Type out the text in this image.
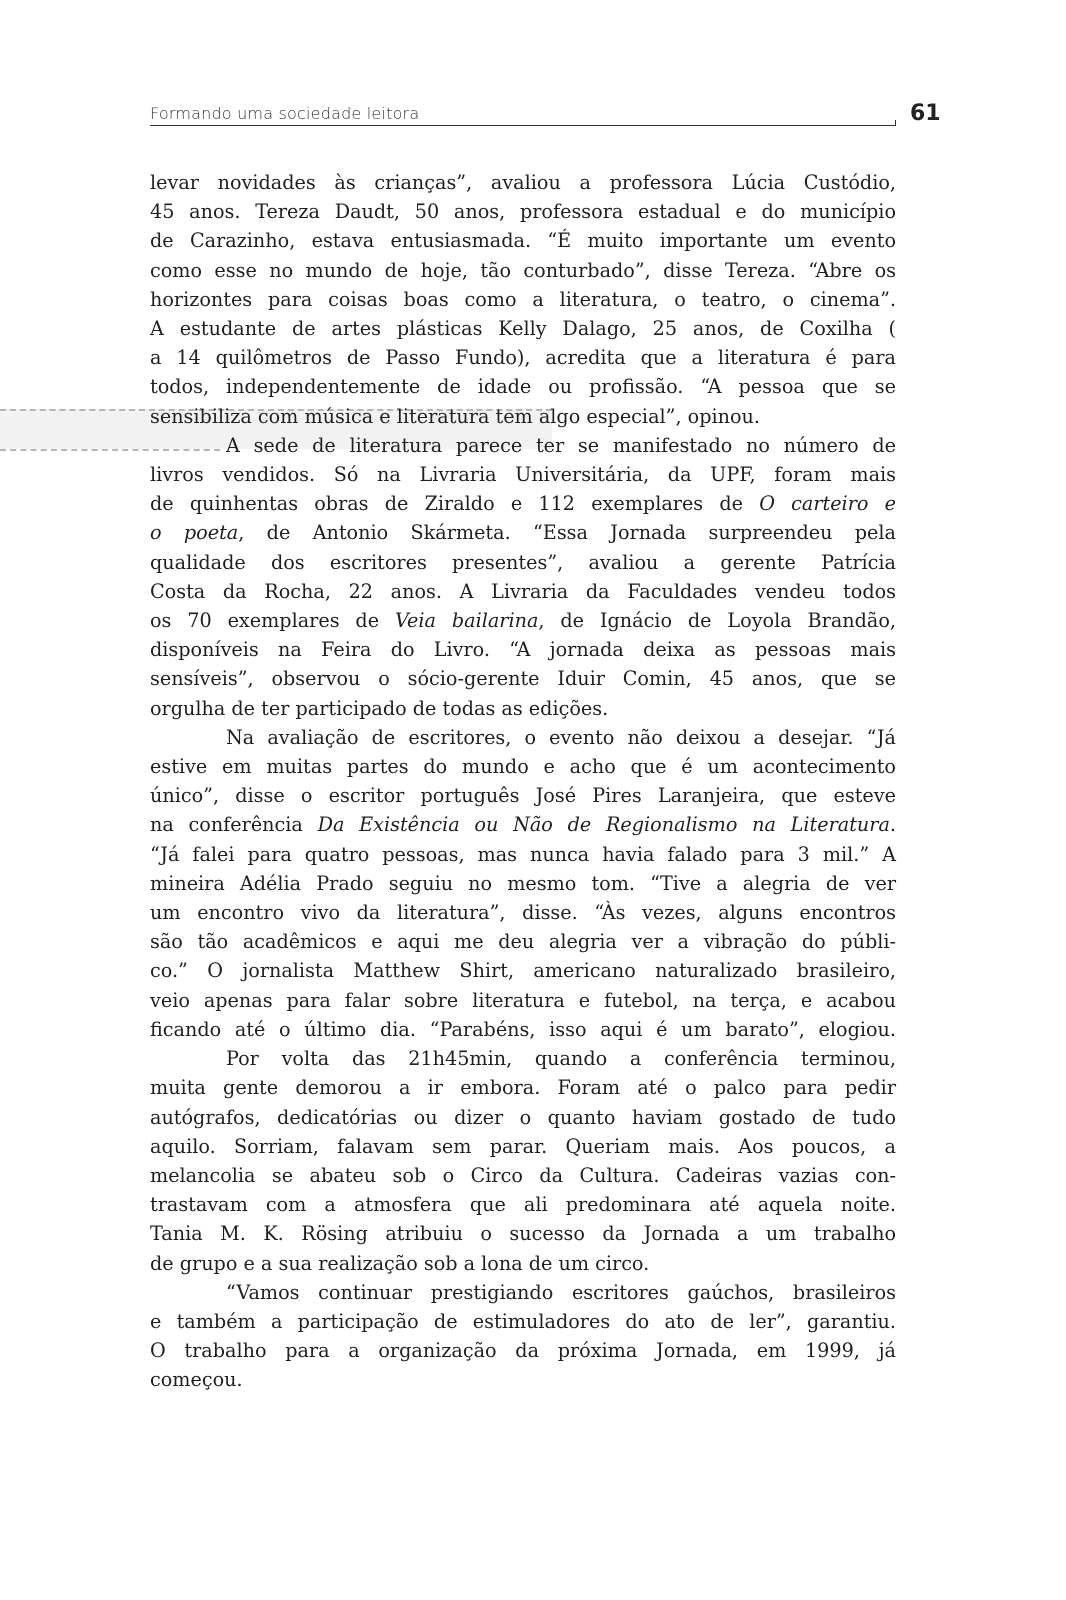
Formando uma sociedade leitora	61
levar novidades às crianças”, avaliou a professora Lúcia Custódio,
45 anos. Tereza Daudt, 50 anos, professora estadual e do município
de Carazinho, estava entusiasmada. “É muito importante um evento
como esse no mundo de hoje, tão conturbado”, disse Tereza. “Abre os
horizontes para coisas boas como a literatura, o teatro, o cinema”.
A estudante de artes plásticas Kelly Dalago, 25 anos, de Coxilha (
a 14 quilômetros de Passo Fundo), acredita que a literatura é para
todos, independentemente de idade ou profissão. “A pessoa que se
sensibiliza com música e literatura tem algo especial”, opinou.
A sede de literatura parece ter se manifestado no número de
livros vendidos. Só na Livraria Universitária, da UPF, foram mais
de quinhentas obras de Ziraldo e 112 exemplares de O carteiro e
o poeta, de Antonio Skármeta. “Essa Jornada surpreendeu pela
qualidade dos escritores presentes”, avaliou a gerente Patrícia
Costa da Rocha, 22 anos. A Livraria da Faculdades vendeu todos
os 70 exemplares de Veia bailarina, de Ignácio de Loyola Brandão,
disponíveis na Feira do Livro. “A jornada deixa as pessoas mais
sensíveis”, observou o sócio-gerente Iduir Comin, 45 anos, que se
orgulha de ter participado de todas as edições.
Na avaliação de escritores, o evento não deixou a desejar. “Já
estive em muitas partes do mundo e acho que é um acontecimento
único”, disse o escritor português José Pires Laranjeira, que esteve
na conferência Da Existência ou Não de Regionalismo na Literatura.
“Já falei para quatro pessoas, mas nunca havia falado para 3 mil.” A
mineira Adélia Prado seguiu no mesmo tom. “Tive a alegria de ver
um encontro vivo da literatura”, disse. “Às vezes, alguns encontros
são tão acadêmicos e aqui me deu alegria ver a vibração do públi-
co.” O jornalista Matthew Shirt, americano naturalizado brasileiro,
veio apenas para falar sobre literatura e futebol, na terça, e acabou
ficando até o último dia. “Parabéns, isso aqui é um barato”, elogiou.
Por volta das 21h45min, quando a conferência terminou,
muita gente demorou a ir embora. Foram até o palco para pedir
autógrafos, dedicatórias ou dizer o quanto haviam gostado de tudo
aquilo. Sorriam, falavam sem parar. Queriam mais. Aos poucos, a
melancolia se abateu sob o Circo da Cultura. Cadeiras vazias con-
trastavam com a atmosfera que ali predominara até aquela noite.
Tania M. K. Rösing atribuiu o sucesso da Jornada a um trabalho
de grupo e a sua realização sob a lona de um circo.
“Vamos continuar prestigiando escritores gaúchos, brasileiros
e também a participação de estimuladores do ato de ler”, garantiu.
O trabalho para a organização da próxima Jornada, em 1999, já
começou.
